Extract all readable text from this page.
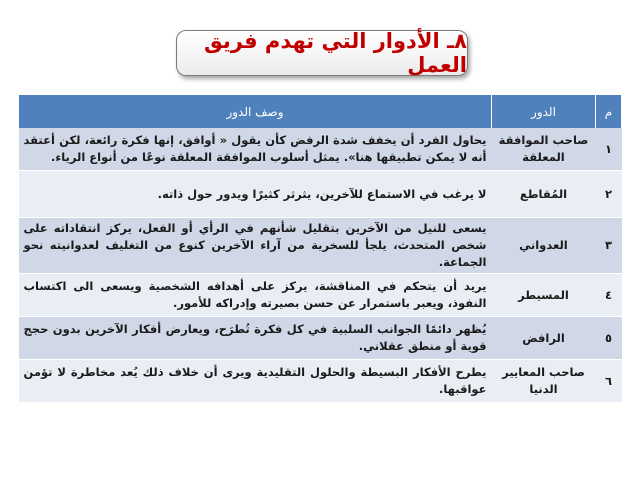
٨ـ الأدوار التي تهدم فريق العمل
م	الدور	وصف الدور
١	صاحب الموافقة المعلقة	يحاول الفرد أن يخفف شدة الرفض كأن يقول « أوافق، إنها فكرة رائعة، لكن أعتقد أنه لا يمكن تطبيقها هنا». يمثل أسلوب الموافقة المعلقة نوعًا من أنواع الرياء.
٢	المُقاطع	لا يرغب في الاستماع للآخرين، يثرثر كثيرًا ويدور حول ذاته.
٣	العدواني	يسعى للنيل من الآخرين بتقليل شأنهم في الرأي أو الفعل، يركز انتقاداته على شخص المتحدث، يلجأ للسخرية من آراء الآخرين كنوع من التغليف لعدوانيته نحو الجماعة.
٤	المسيطر	يريد أن يتحكم في المناقشة، يركز على أهدافه الشخصية ويسعى الى اكتساب النفوذ، ويعبر باستمرار عن حسن بصيرته وإدراكه للأمور.
٥	الرافض	يُظهر دائمًا الجوانب السلبية في كل فكرة تُطرَح، ويعارض أفكار الآخرين بدون حجج قوية أو منطق عقلاني.
٦	صاحب المعايير الدنيا	يطرح الأفكار البسيطة والحلول التقليدية ويرى أن خلاف ذلك يُعد مخاطرة لا تؤمن عواقبها.
